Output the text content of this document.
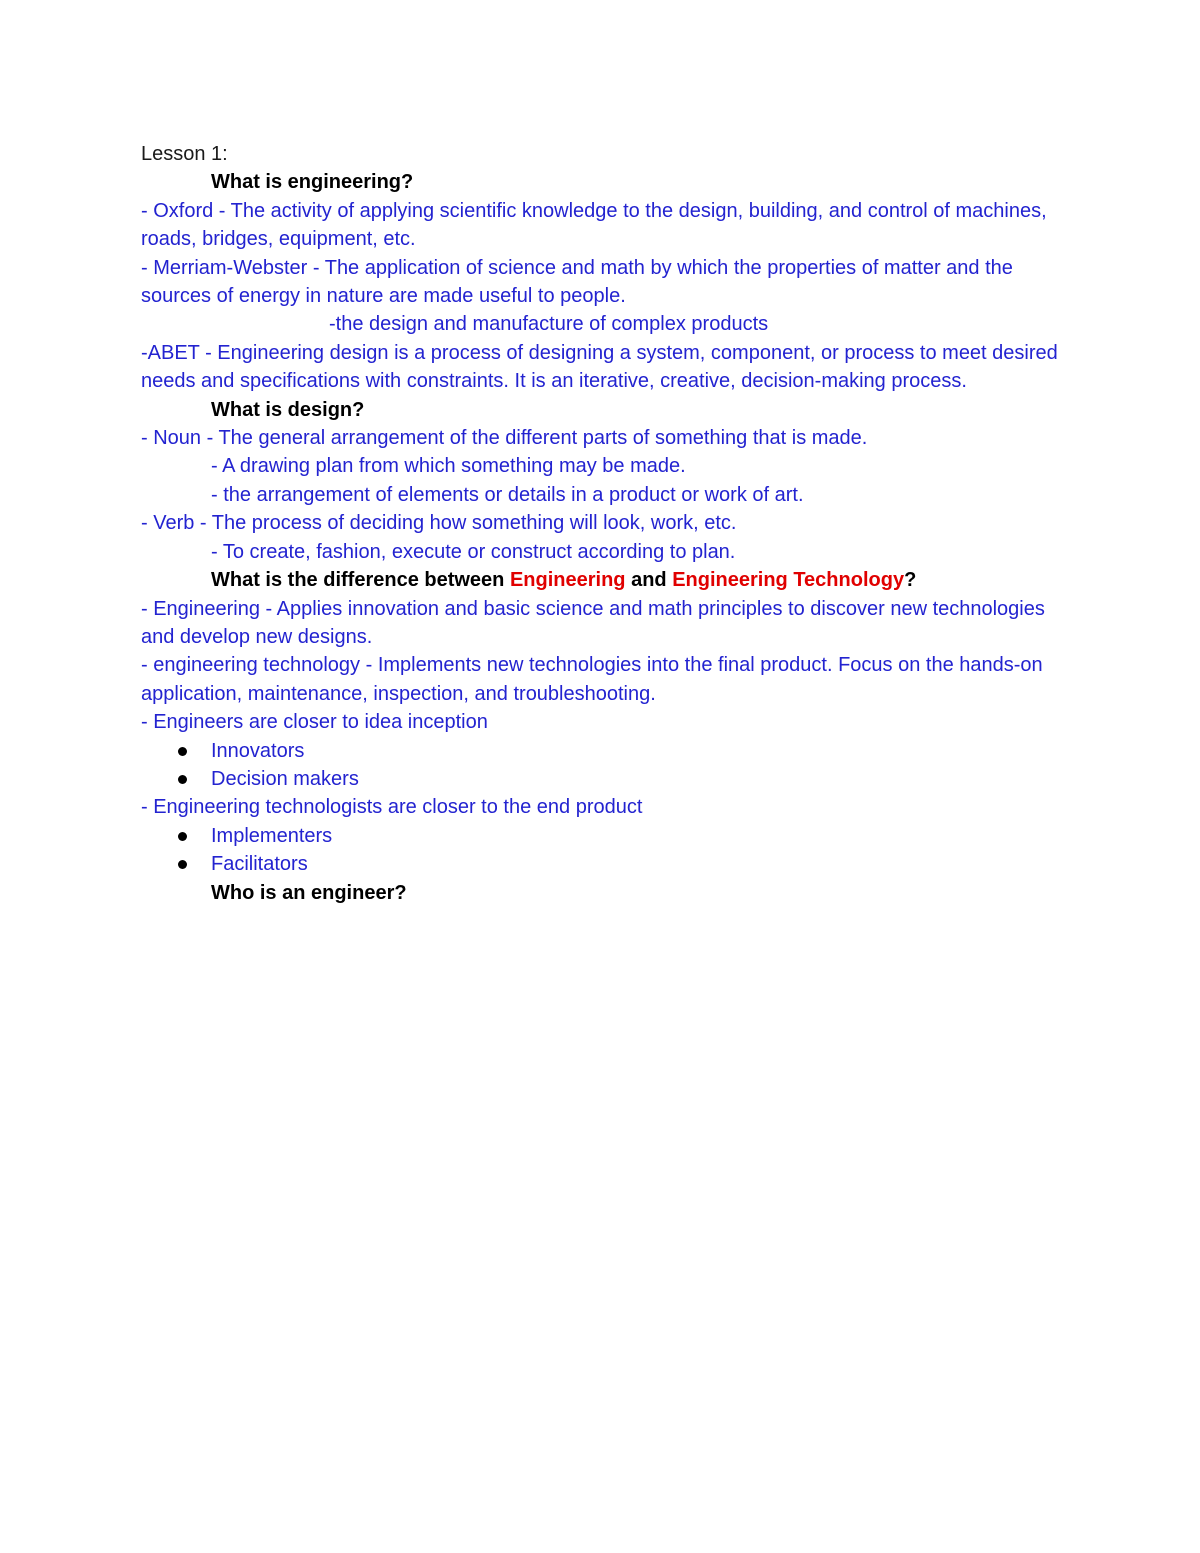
Lesson 1:
What is engineering?

- Oxford - The activity of applying scientific knowledge to the design, building, and control of machines, roads, bridges, equipment, etc.

- Merriam-Webster - The application of science and math by which the properties of matter and the sources of energy in nature are made useful to people.

-the design and manufacture of complex products

-ABET - Engineering design is a process of designing a system, component, or process to meet desired needs and specifications with constraints. It is an iterative, creative, decision-making process.

What is design?
- Noun - The general arrangement of the different parts of something that is made.
- A drawing plan from which something may be made.
- the arrangement of elements or details in a product or work of art.
- Verb - The process of deciding how something will look, work, etc.
- To create, fashion, execute or construct according to plan.
What is the difference between Engineering and Engineering Technology?

- Engineering - Applies innovation and basic science and math principles to discover new technologies and develop new designs.

- engineering technology - Implements new technologies into the final product. Focus on the hands-on application, maintenance, inspection, and troubleshooting.

- Engineers are closer to idea inception
Innovators
Decision makers
- Engineering technologists are closer to the end product
Implementers
Facilitators
Who is an engineer?
